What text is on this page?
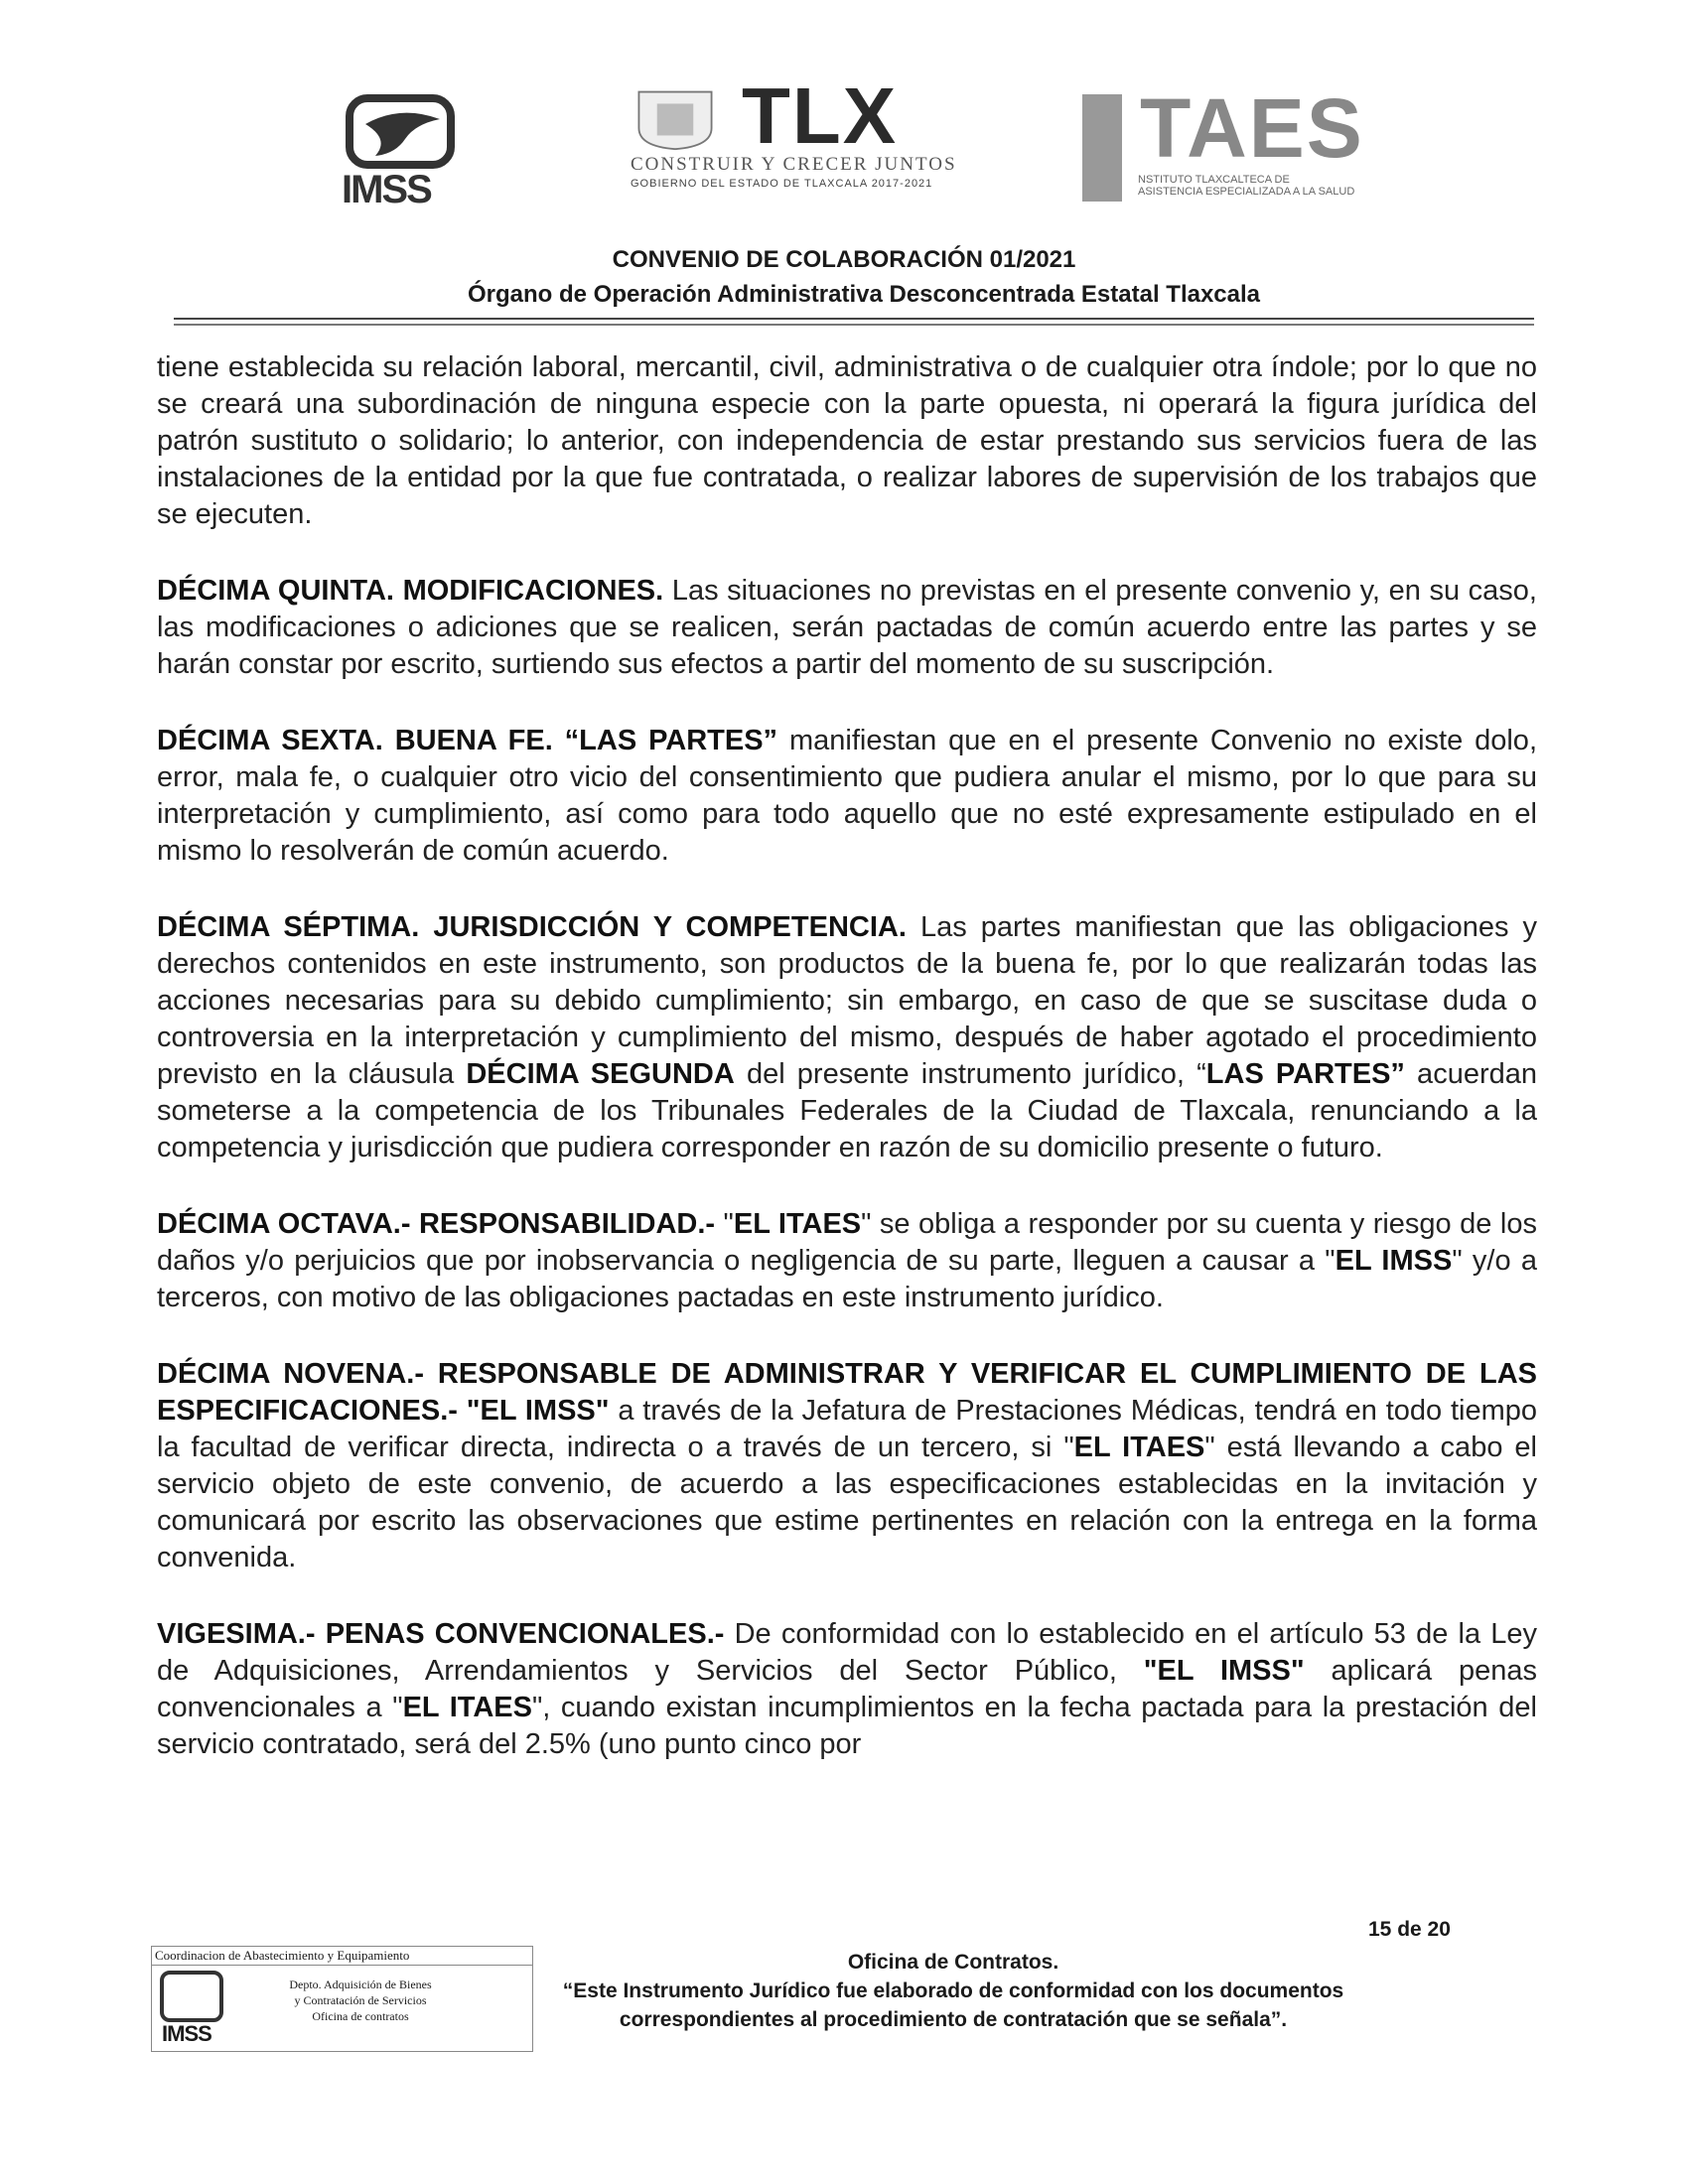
IMSS
TLX
CONSTRUIR Y CRECER JUNTOS
GOBIERNO DEL ESTADO DE TLAXCALA 2017-2021
TAES
NSTITUTO TLAXCALTECA DE
ASISTENCIA ESPECIALIZADA A LA SALUD
CONVENIO DE COLABORACIÓN 01/2021
Órgano de Operación Administrativa Desconcentrada Estatal Tlaxcala

tiene establecida su relación laboral, mercantil, civil, administrativa o de cualquier otra índole; por lo que no se creará una subordinación de ninguna especie con la parte opuesta, ni operará la figura jurídica del patrón sustituto o solidario; lo anterior, con independencia de estar prestando sus servicios fuera de las instalaciones de la entidad por la que fue contratada, o realizar labores de supervisión de los trabajos que se ejecuten.

DÉCIMA QUINTA. MODIFICACIONES. Las situaciones no previstas en el presente convenio y, en su caso, las modificaciones o adiciones que se realicen, serán pactadas de común acuerdo entre las partes y se harán constar por escrito, surtiendo sus efectos a partir del momento de su suscripción.

DÉCIMA SEXTA. BUENA FE. “LAS PARTES” manifiestan que en el presente Convenio no existe dolo, error, mala fe, o cualquier otro vicio del consentimiento que pudiera anular el mismo, por lo que para su interpretación y cumplimiento, así como para todo aquello que no esté expresamente estipulado en el mismo lo resolverán de común acuerdo.

DÉCIMA SÉPTIMA. JURISDICCIÓN Y COMPETENCIA. Las partes manifiestan que las obligaciones y derechos contenidos en este instrumento, son productos de la buena fe, por lo que realizarán todas las acciones necesarias para su debido cumplimiento; sin embargo, en caso de que se suscitase duda o controversia en la interpretación y cumplimiento del mismo, después de haber agotado el procedimiento previsto en la cláusula DÉCIMA SEGUNDA del presente instrumento jurídico, “LAS PARTES” acuerdan someterse a la competencia de los Tribunales Federales de la Ciudad de Tlaxcala, renunciando a la competencia y jurisdicción que pudiera corresponder en razón de su domicilio presente o futuro.

DÉCIMA OCTAVA.- RESPONSABILIDAD.- "EL ITAES" se obliga a responder por su cuenta y riesgo de los daños y/o perjuicios que por inobservancia o negligencia de su parte, lleguen a causar a "EL IMSS" y/o a terceros, con motivo de las obligaciones pactadas en este instrumento jurídico.

DÉCIMA NOVENA.- RESPONSABLE DE ADMINISTRAR Y VERIFICAR EL CUMPLIMIENTO DE LAS ESPECIFICACIONES.- "EL IMSS" a través de la Jefatura de Prestaciones Médicas, tendrá en todo tiempo la facultad de verificar directa, indirecta o a través de un tercero, si "EL ITAES" está llevando a cabo el servicio objeto de este convenio, de acuerdo a las especificaciones establecidas en la invitación y comunicará por escrito las observaciones que estime pertinentes en relación con la entrega en la forma convenida.

VIGESIMA.- PENAS CONVENCIONALES.- De conformidad con lo establecido en el artículo 53 de la Ley de Adquisiciones, Arrendamientos y Servicios del Sector Público, "EL IMSS" aplicará penas convencionales a "EL ITAES", cuando existan incumplimientos en la fecha pactada para la prestación del servicio contratado, será del 2.5% (uno punto cinco por

15 de 20
Coordinacion de Abastecimiento y Equipamiento
IMSS
Depto. Adquisición de Bienes
y Contratación de Servicios
Oficina de contratos
Oficina de Contratos.
“Este Instrumento Jurídico fue elaborado de conformidad con los documentos correspondientes al procedimiento de contratación que se señala”.
